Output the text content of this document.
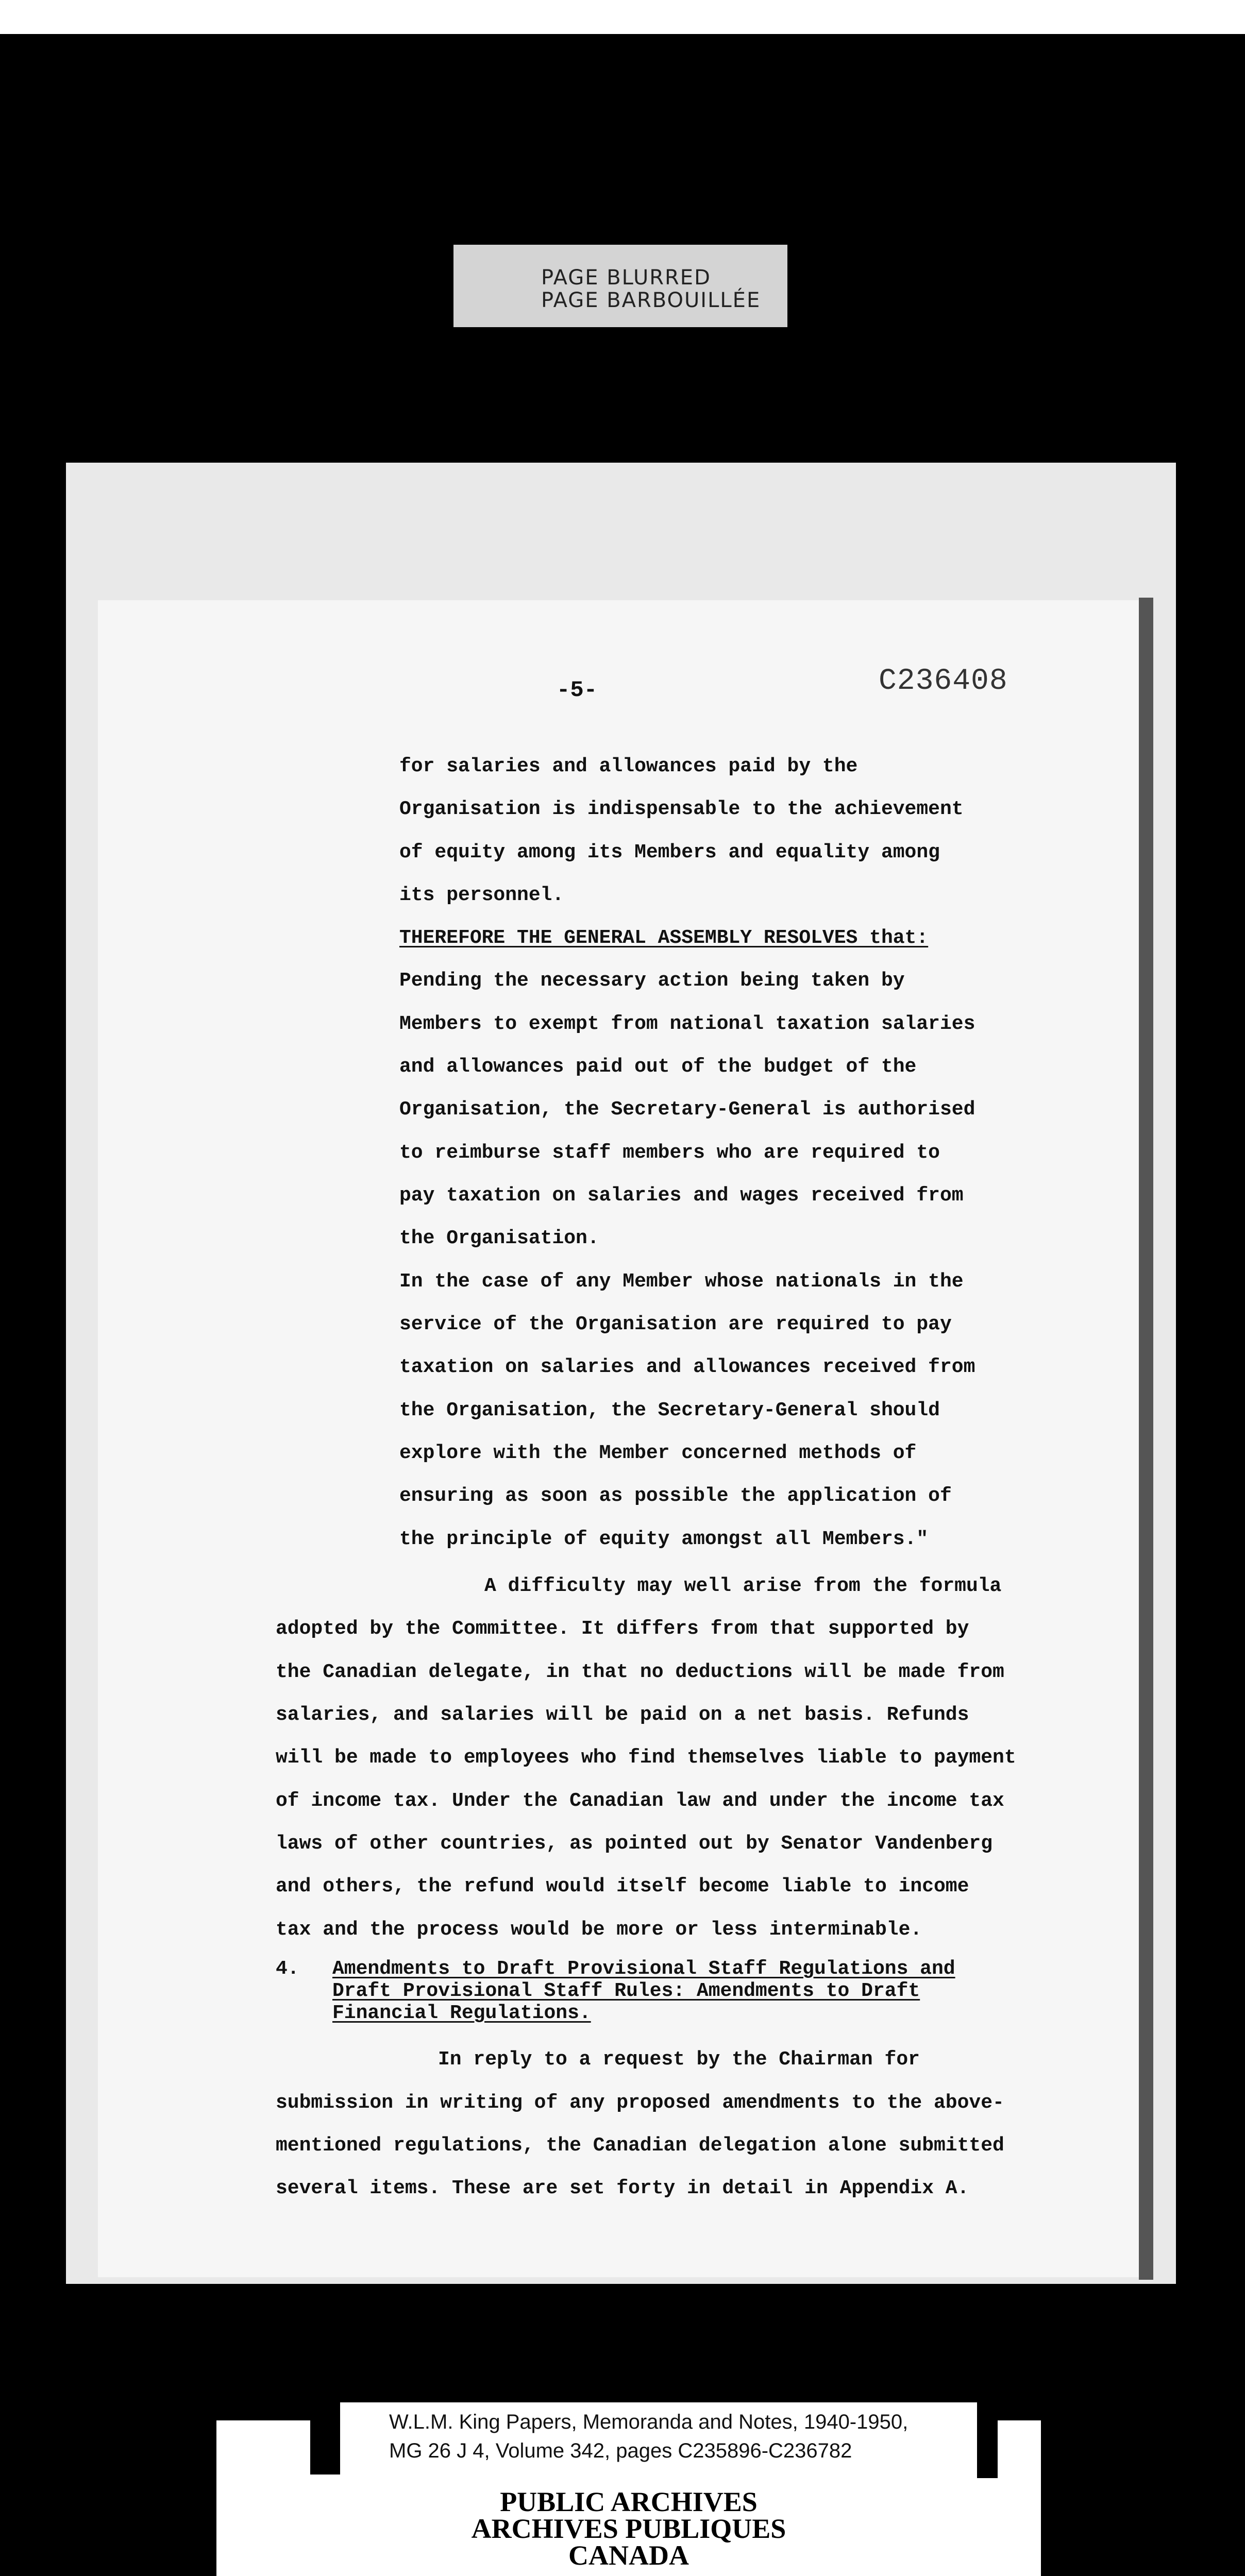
PAGE BLURRED
PAGE BARBOUILLÉE
-5-	C236408
for salaries and allowances paid by the
Organisation is indispensable to the achievement
of equity among its Members and equality among
its personnel.
THEREFORE THE GENERAL ASSEMBLY RESOLVES that:
Pending the necessary action being taken by
Members to exempt from national taxation salaries
and allowances paid out of the budget of the
Organisation, the Secretary-General is authorised
to reimburse staff members who are required to
pay taxation on salaries and wages received from
the Organisation.
In the case of any Member whose nationals in the
service of the Organisation are required to pay
taxation on salaries and allowances received from
the Organisation, the Secretary-General should
explore with the Member concerned methods of
ensuring as soon as possible the application of
the principle of equity amongst all Members."
A difficulty may well arise from the formula
adopted by the Committee. It differs from that supported by
the Canadian delegate, in that no deductions will be made from
salaries, and salaries will be paid on a net basis. Refunds
will be made to employees who find themselves liable to payment
of income tax. Under the Canadian law and under the income tax
laws of other countries, as pointed out by Senator Vandenberg
and others, the refund would itself become liable to income
tax and the process would be more or less interminable.
4. Amendments to Draft Provisional Staff Regulations and
Draft Provisional Staff Rules: Amendments to Draft
Financial Regulations.
In reply to a request by the Chairman for
submission in writing of any proposed amendments to the above-
mentioned regulations, the Canadian delegation alone submitted
several items. These are set forty in detail in Appendix A.
W.L.M. King Papers, Memoranda and Notes, 1940-1950,
MG 26 J 4, Volume 342, pages C235896-C236782
PUBLIC ARCHIVES
ARCHIVES PUBLIQUES
CANADA
